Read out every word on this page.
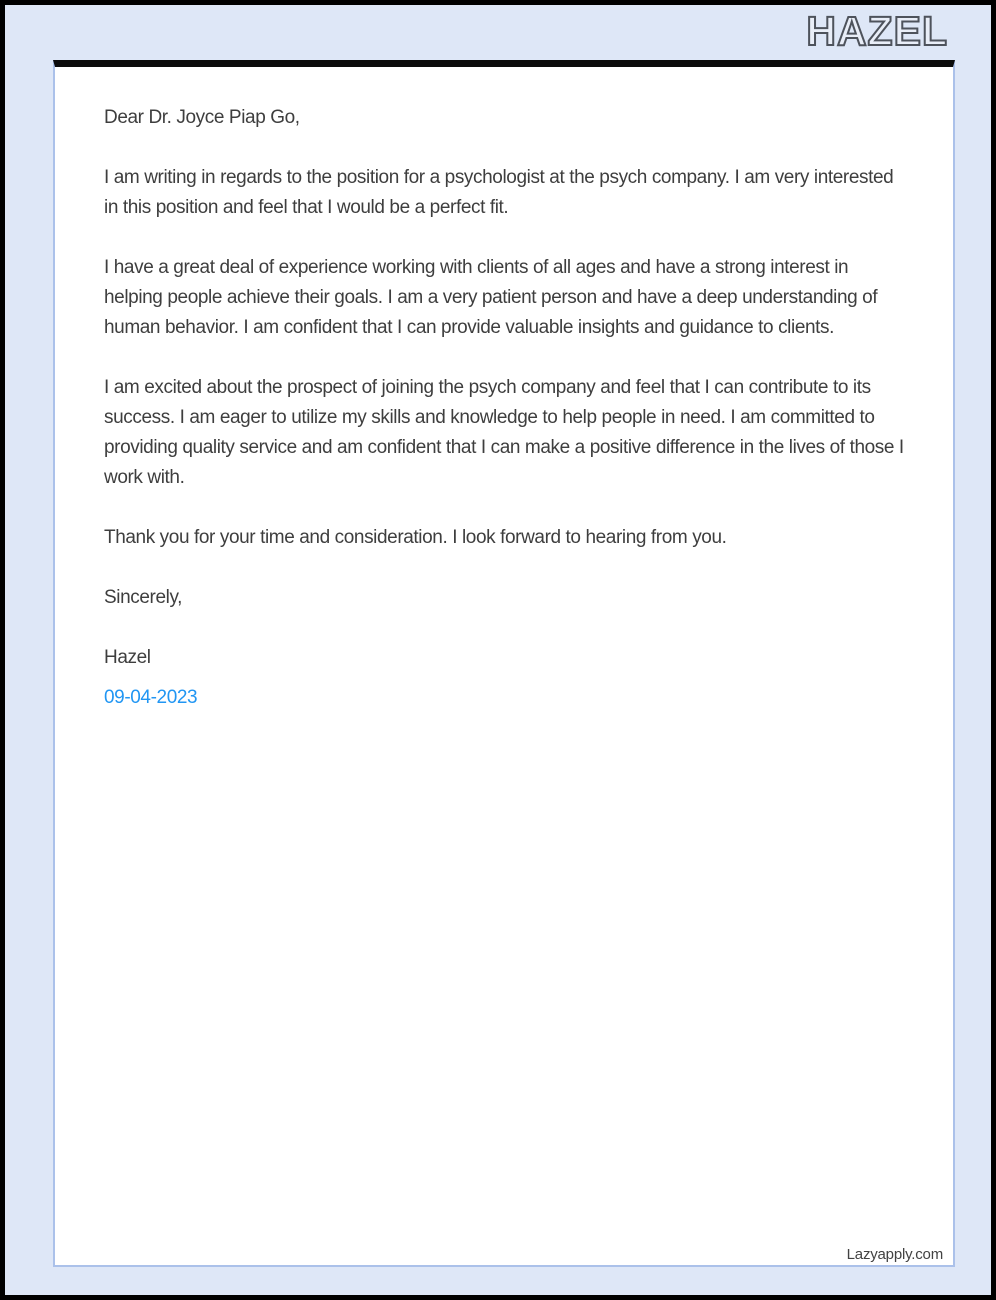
HAZEL

Dear Dr. Joyce Piap Go,

I am writing in regards to the position for a psychologist at the psych company. I am very interested in this position and feel that I would be a perfect fit.

I have a great deal of experience working with clients of all ages and have a strong interest in helping people achieve their goals. I am a very patient person and have a deep understanding of human behavior. I am confident that I can provide valuable insights and guidance to clients.

I am excited about the prospect of joining the psych company and feel that I can contribute to its success. I am eager to utilize my skills and knowledge to help people in need. I am committed to providing quality service and am confident that I can make a positive difference in the lives of those I work with.

Thank you for your time and consideration. I look forward to hearing from you.

Sincerely,

Hazel

09-04-2023

Lazyapply.com
